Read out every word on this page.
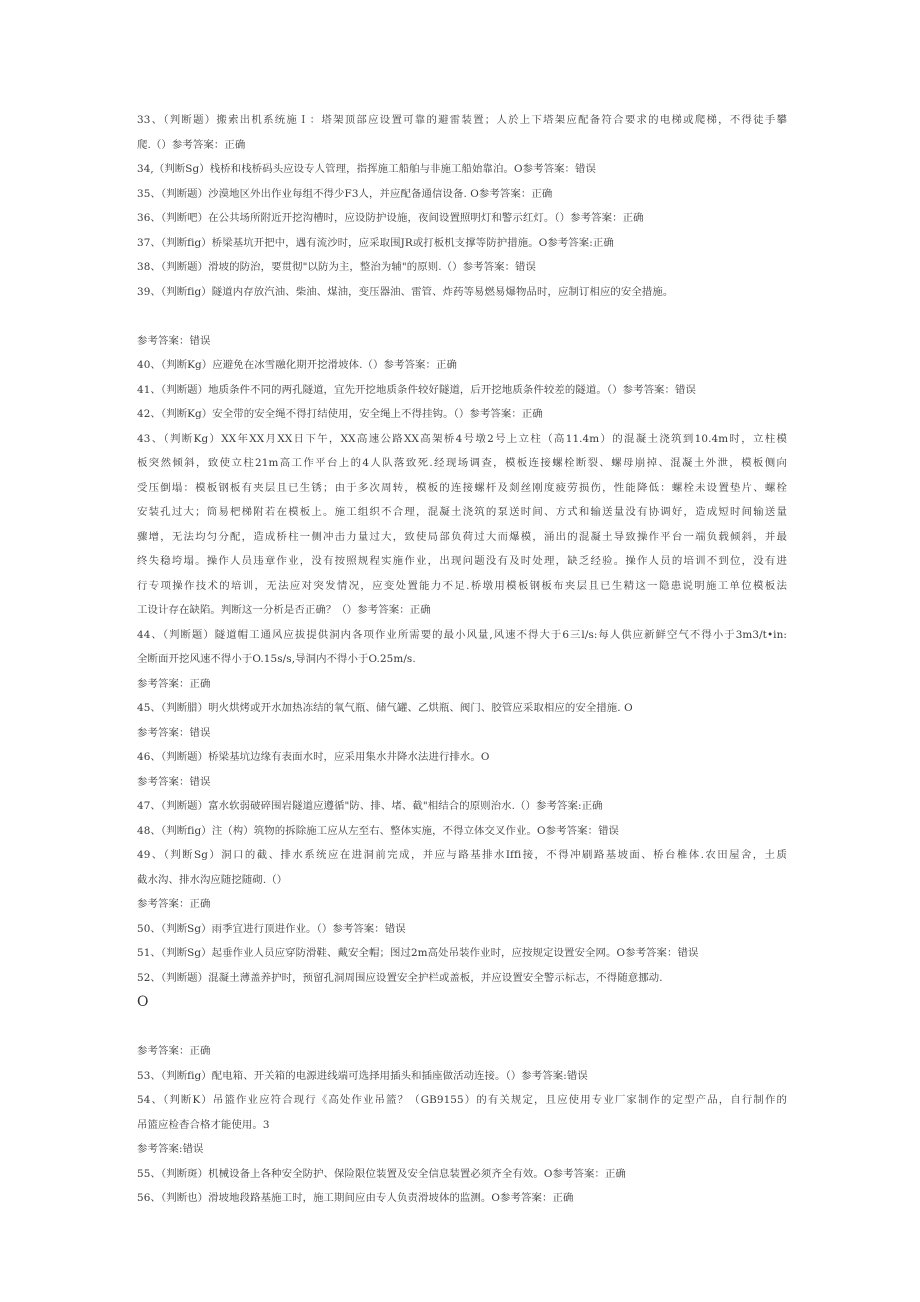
33、（判断题）搬索出机系统施Ｉ：塔架顶部应设置可靠的避雷装置；人於上下塔架应配备符合要求的电梯或爬梯，不得徒手攀
爬.（）参考答案：正确
34,（判断Sg）栈桥和栈桥码头应设专人管理，指挥施工船舶与非施工船始靠泊。O参考答案：错误
35、（判断题）沙漠地区外出作业每组不得少F3人，并应配备通信设备. O参考答案：正确
36、（判断吧）在公共场所附近开挖沟槽时，应设防护设施，夜间设置照明灯和警示红灯。（）参考答案：正确
37、（判断fig）桥梁基坑开把中，遇有流沙时，应采取围JR或打板机支撑等防护措施。O参考答案:正确
38、（判断题）滑坡的防治，要贯彻"以防为主，整治为辅"的原则.（）参考答案：错误
39、（判断fig）隧道内存放汽油、柴油、煤油，变压器油、雷管、炸药等易燃易爆物品时，应制订相应的安全措施。
参考答案：错误
40、（判断Kg）应避免在冰雪融化期开挖滑坡体.（）参考答案：正确
41、（判断题）地质条件不同的两孔隧道，宜先开挖地质条件较好隧道，后开挖地质条件较差的隧道。（）参考答案：错误
42、（判断Kg）安全带的安全绳不得打结使用，安全绳上不得挂钩。（）参考答案：正确
43、（判断Kg）XX年XX月XX日下午，XX高速公路XX高架桥4号墩2号上立柱（高11.4m）的混凝土浇筑到10.4m时，立柱模
板突然倾斜，致使立柱21m高工作平台上的4人队落致死.经现场调查，模板连接螺栓断裂、螺母崩掉、混凝土外泄，模板侧向
受压倒塌：模板钢板有夹层且已生锈；由于多次周转，模板的连接螺杆及剡丝刚度疲劳损伤，性能降低：螺栓未设置垫片、螺栓
安装孔过大；筒易杷梯附若在模板上。施工组织不合理，混凝土浇筑的泵送时间、方式和输送量没有协调好，造成短时间输送量
骤增，无法均匀分配，造成桥柱一侧冲击力量过大，致使局部负荷过大而爆模，涌出的混凝土导致操作平台一端负载倾斜，并最
终失稳垮塌。操作人员违章作业，没有按照规程实施作业，出现问题没有及时处理，缺乏经验。操作人员的培训不到位，没有进
行专项操作技术的培训，无法应对突发情况，应变处置能力不足.桥墩用模板钢板布夹层且已生精这一隐患说明施工单位模板法
工设计存在缺陷。判断这一分析是否正确？（）参考答案：正确
44、（判断题）隧道帽工通风应拔提供洞内各项作业所需要的最小风量,风速不得大于6三l/s:每人供应新鲜空气不得小于3m3/t•in:
全断面开挖风速不得小于O.15s/s,导洞内不得小于O.25m/s.
参考答案：正确
45、（判断腊）明火烘烤或开水加热冻结的氧气瓶、储气罐、乙烘瓶、阀门、胶管应采取相应的安全措施. O
参考答案：错误
46、（判断题）桥梁基坑边缘有表面水时，应采用集水井降水法进行排水。O
参考答案：错误
47、（判断题）富水软弱破碎围岩隧道应遵循"防、排、堵、截"相结合的原则治水.（）参考答案:正确
48、（判断fig）注（构）筑物的拆除施工应从左至右、整体实施，不得立体交叉作业。O参考答案：错误
49、（判断Sg）洞口的截、排水系统应在进洞前完成，并应与路基排水Iffi接，不得冲刷路基坡面、桥台椎体.农田屋舍，土质
截水沟、排水沟应随挖随砌.（）
参考答案：正确
50、（判断Sg）雨季宜进行顶进作业。（）参考答案：错误
51、（判断Sg）起垂作业人员应穿防滑鞋、戴安全帽；图过2m高处吊装作业时，应按规定设置安全网。O参考答案：错误
52、（判断题）混凝土薄盖养护时，预留孔洞周围应设置安全护栏或盖板，并应设置安全警示标志，不得随意挪动.
O
参考答案：正确
53、（判断fig）配电箱、开关箱的电源进线端可选择用插头和插座做活动连接。（）参考答案:错误
54、（判断K）吊篮作业应符合现行《高处作业吊篮？（GB9155）的有关规定，且应使用专业厂家制作的定型产品，自行制作的
吊篮应检杳合格才能使用。3
参考答案:错误
55、（判断斑）机械设备上各种安全防护、保险限位装置及安全信息装置必须齐全有效。O参考答案：正确
56、（判断也）滑坡地段路基施工时，施工期间应由专人负责滑坡体的监测。O参考答案：正确
